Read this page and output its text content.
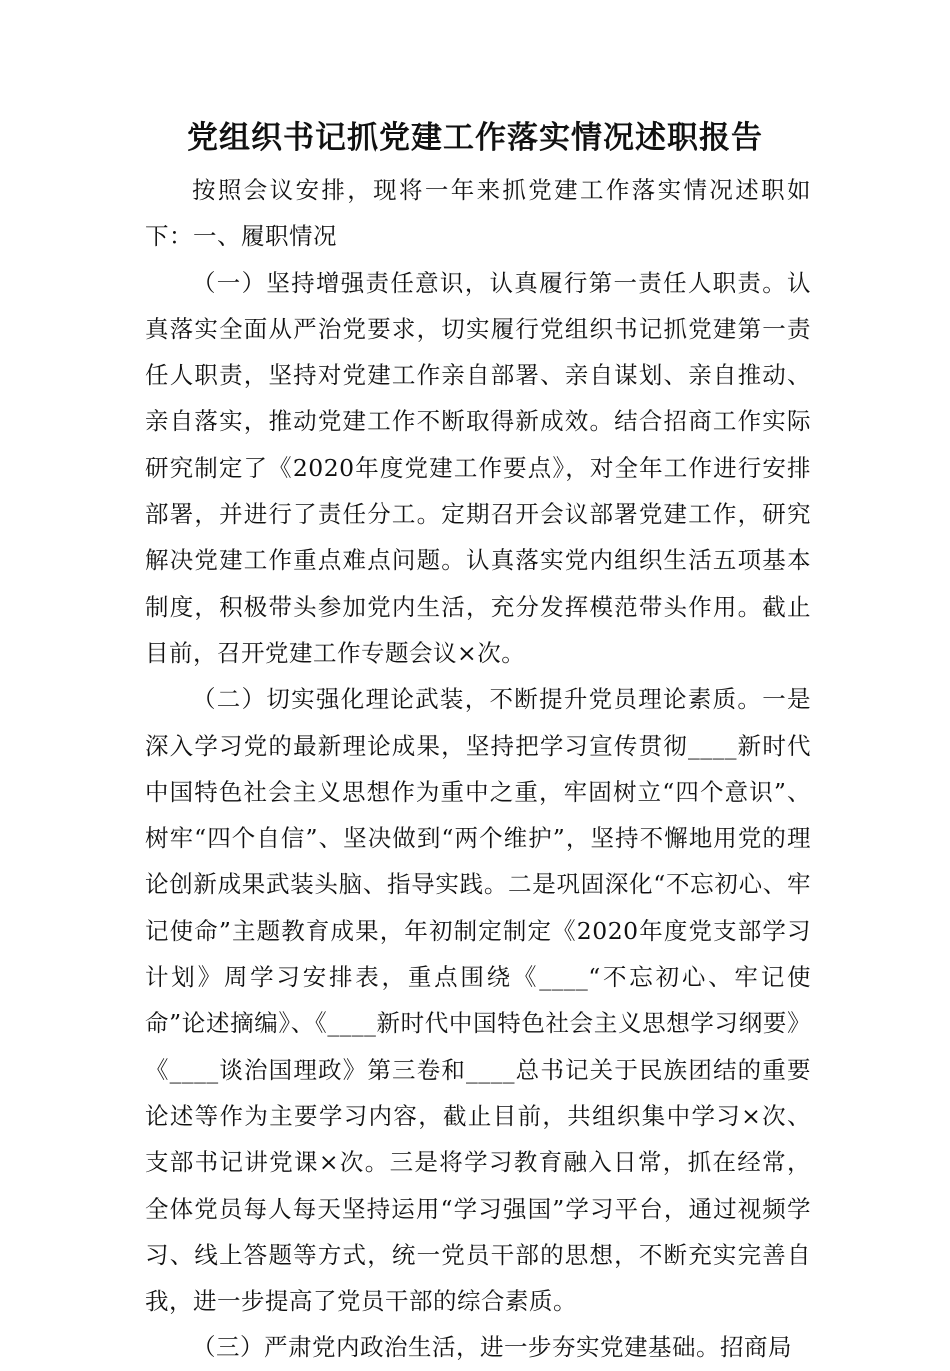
党组织书记抓党建工作落实情况述职报告

按照会议安排，现将一年来抓党建工作落实情况述职如下：一、履职情况

（一）坚持增强责任意识，认真履行第一责任人职责。认真落实全面从严治党要求，切实履行党组织书记抓党建第一责任人职责，坚持对党建工作亲自部署、亲自谋划、亲自推动、亲自落实，推动党建工作不断取得新成效。结合招商工作实际研究制定了《2020年度党建工作要点》，对全年工作进行安排部署，并进行了责任分工。定期召开会议部署党建工作，研究解决党建工作重点难点问题。认真落实党内组织生活五项基本制度，积极带头参加党内生活，充分发挥模范带头作用。截止目前，召开党建工作专题会议×次。

（二）切实强化理论武装，不断提升党员理论素质。一是深入学习党的最新理论成果，坚持把学习宣传贯彻____新时代中国特色社会主义思想作为重中之重，牢固树立“四个意识”、树牢“四个自信”、坚决做到“两个维护”，坚持不懈地用党的理论创新成果武装头脑、指导实践。二是巩固深化“不忘初心、牢记使命”主题教育成果，年初制定制定《2020年度党支部学习计划》周学习安排表，重点围绕《____“不忘初心、牢记使命”论述摘编》、《____新时代中国特色社会主义思想学习纲要》《____谈治国理政》第三卷和____总书记关于民族团结的重要论述等作为主要学习内容，截止目前，共组织集中学习×次、支部书记讲党课×次。三是将学习教育融入日常，抓在经常，全体党员每人每天坚持运用“学习强国”学习平台，通过视频学习、线上答题等方式，统一党员干部的思想，不断充实完善自我，进一步提高了党员干部的综合素质。

（三）严肃党内政治生活，进一步夯实党建基础。招商局
